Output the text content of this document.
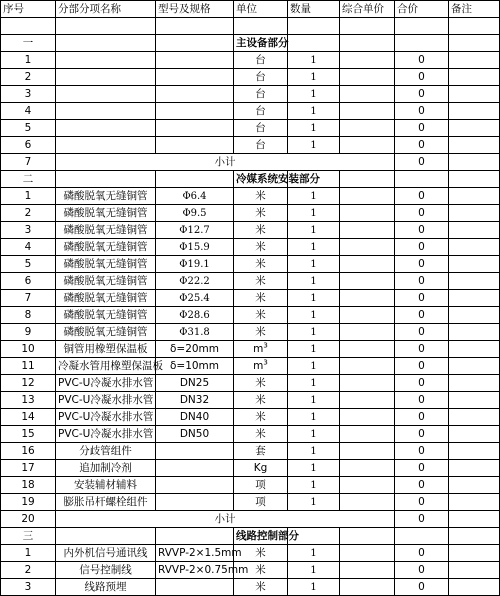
序号	分部分项名称	型号及规格	单位	数量	综合单价	合价	备注

一			主设备部分				
1			台	1		0	
2			台	1		0	
3			台	1		0	
4			台	1		0	
5			台	1		0	
6			台	1		0	
7	小计					0	
二			冷媒系统安装部分				
1	磷酸脱氧无缝铜管	Φ6.4	米	1		0	
2	磷酸脱氧无缝铜管	Φ9.5	米	1		0	
3	磷酸脱氧无缝铜管	Φ12.7	米	1		0	
4	磷酸脱氧无缝铜管	Φ15.9	米	1		0	
5	磷酸脱氧无缝铜管	Φ19.1	米	1		0	
6	磷酸脱氧无缝铜管	Φ22.2	米	1		0	
7	磷酸脱氧无缝铜管	Φ25.4	米	1		0	
8	磷酸脱氧无缝铜管	Φ28.6	米	1		0	
9	磷酸脱氧无缝铜管	Φ31.8	米	1		0	
10	铜管用橡塑保温板	δ=20mm	$m^3$	1		0	
11	冷凝水管用橡塑保温板	δ=10mm	$m^3$	1		0	
12	PVC-U冷凝水排水管	DN25	米	1		0	
13	PVC-U冷凝水排水管	DN32	米	1		0	
14	PVC-U冷凝水排水管	DN40	米	1		0	
15	PVC-U冷凝水排水管	DN50	米	1		0	
16	分歧管组件		套	1		0	
17	追加制冷剂		Kg	1		0	
18	安装辅材辅料		项	1		0	
19	膨胀吊杆螺栓组件		项	1		0	
20	小计					0	
三			线路控制部分				
1	内外机信号通讯线	RVVP-2×1.5mm	米	1		0	
2	信号控制线	RVVP-2×0.75mm	米	1		0	
3	线路预埋		米	1		0	
